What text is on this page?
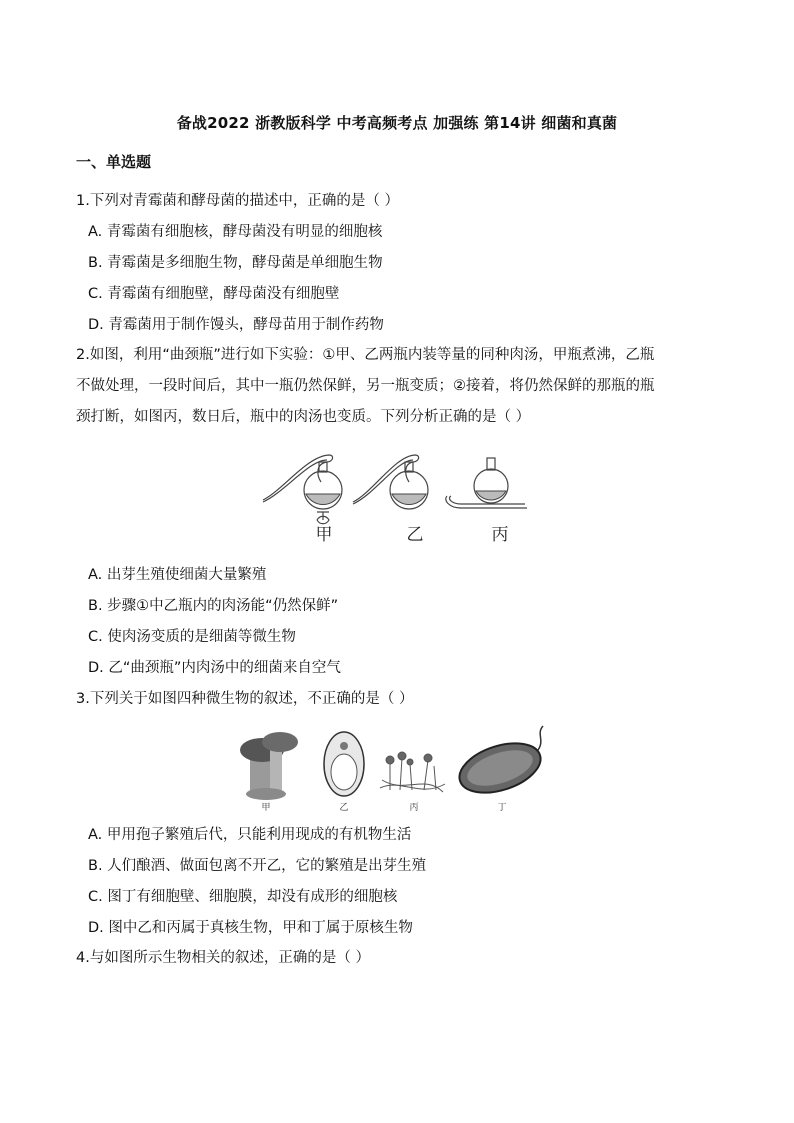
备战2022 浙教版科学 中考高频考点 加强练 第14讲 细菌和真菌
一、单选题
1.下列对青霉菌和酵母菌的描述中，正确的是（ ）
A. 青霉菌有细胞核，酵母菌没有明显的细胞核
B. 青霉菌是多细胞生物，酵母菌是单细胞生物
C. 青霉菌有细胞壁，酵母菌没有细胞壁
D. 青霉菌用于制作馒头，酵母苗用于制作药物
2.如图，利用“曲颈瓶”进行如下实验：①甲、乙两瓶内装等量的同种肉汤，甲瓶煮沸，乙瓶
不做处理，一段时间后，其中一瓶仍然保鲜，另一瓶变质；②接着，将仍然保鲜的那瓶的瓶
颈打断，如图丙，数日后，瓶中的肉汤也变质。下列分析正确的是（ ）
甲	乙	丙
A. 出芽生殖使细菌大量繁殖
B. 步骤①中乙瓶内的肉汤能“仍然保鲜”
C. 使肉汤变质的是细菌等微生物
D. 乙“曲颈瓶”内肉汤中的细菌来自空气
3.下列关于如图四种微生物的叙述，不正确的是（ ）
甲	乙	丙	丁
A. 甲用孢子繁殖后代，只能利用现成的有机物生活
B. 人们酿酒、做面包离不开乙，它的繁殖是出芽生殖
C. 图丁有细胞壁、细胞膜，却没有成形的细胞核
D. 图中乙和丙属于真核生物，甲和丁属于原核生物
4.与如图所示生物相关的叙述，正确的是（ ）
